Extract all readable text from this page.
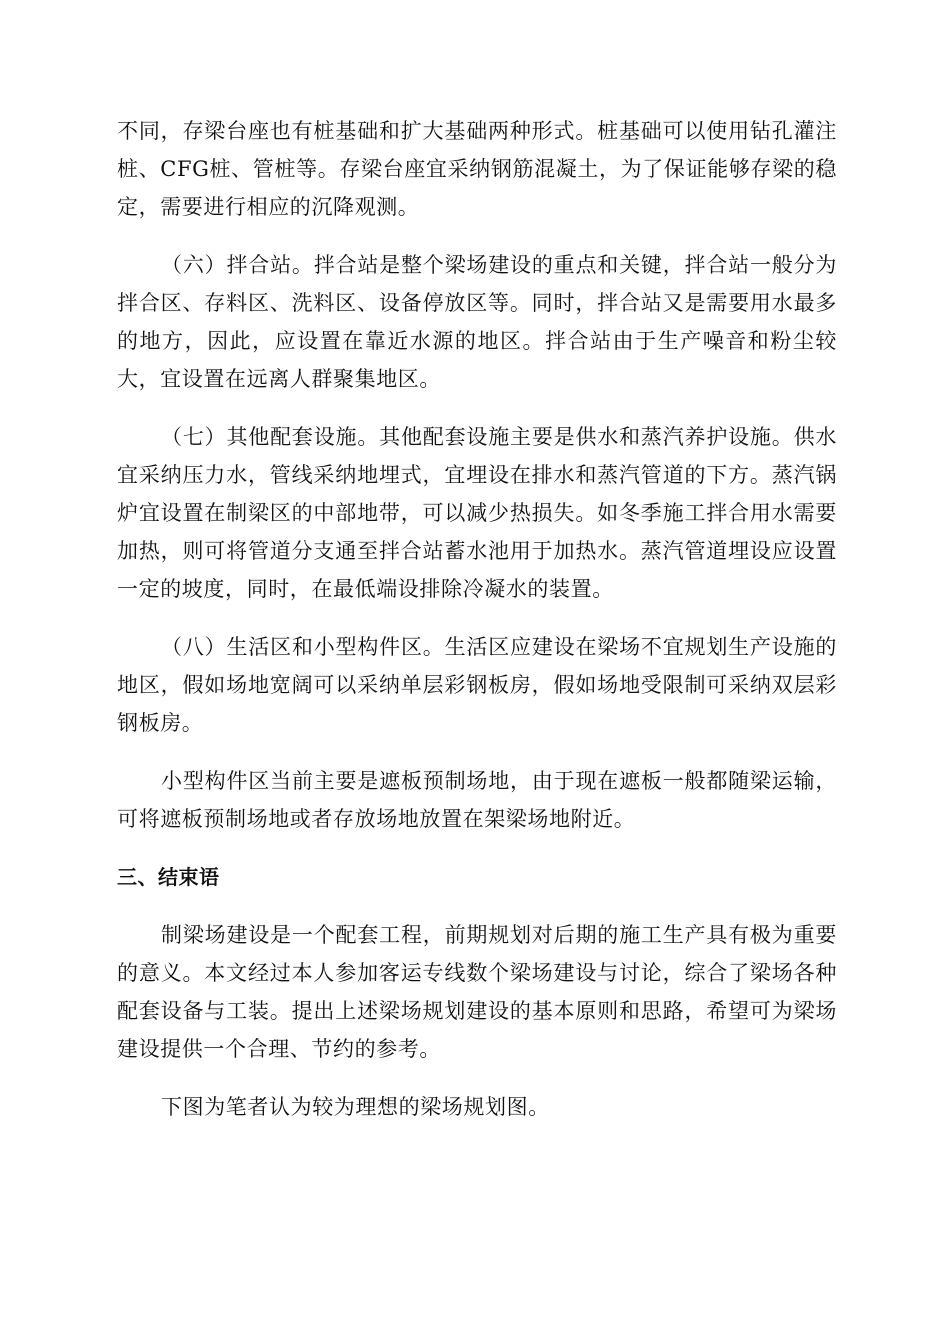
不同，存梁台座也有桩基础和扩大基础两种形式。桩基础可以使用钻孔灌注桩、CFG桩、管桩等。存梁台座宜采纳钢筋混凝土，为了保证能够存梁的稳定，需要进行相应的沉降观测。

（六）拌合站。拌合站是整个梁场建设的重点和关键，拌合站一般分为拌合区、存料区、洗料区、设备停放区等。同时，拌合站又是需要用水最多的地方，因此，应设置在靠近水源的地区。拌合站由于生产噪音和粉尘较大，宜设置在远离人群聚集地区。

（七）其他配套设施。其他配套设施主要是供水和蒸汽养护设施。供水宜采纳压力水，管线采纳地埋式，宜埋设在排水和蒸汽管道的下方。蒸汽锅炉宜设置在制梁区的中部地带，可以减少热损失。如冬季施工拌合用水需要加热，则可将管道分支通至拌合站蓄水池用于加热水。蒸汽管道埋设应设置一定的坡度，同时，在最低端设排除冷凝水的装置。

（八）生活区和小型构件区。生活区应建设在梁场不宜规划生产设施的地区，假如场地宽阔可以采纳单层彩钢板房，假如场地受限制可采纳双层彩钢板房。

小型构件区当前主要是遮板预制场地，由于现在遮板一般都随梁运输，可将遮板预制场地或者存放场地放置在架梁场地附近。

三、结束语

制梁场建设是一个配套工程，前期规划对后期的施工生产具有极为重要的意义。本文经过本人参加客运专线数个梁场建设与讨论，综合了梁场各种配套设备与工装。提出上述梁场规划建设的基本原则和思路，希望可为梁场建设提供一个合理、节约的参考。

下图为笔者认为较为理想的梁场规划图。
